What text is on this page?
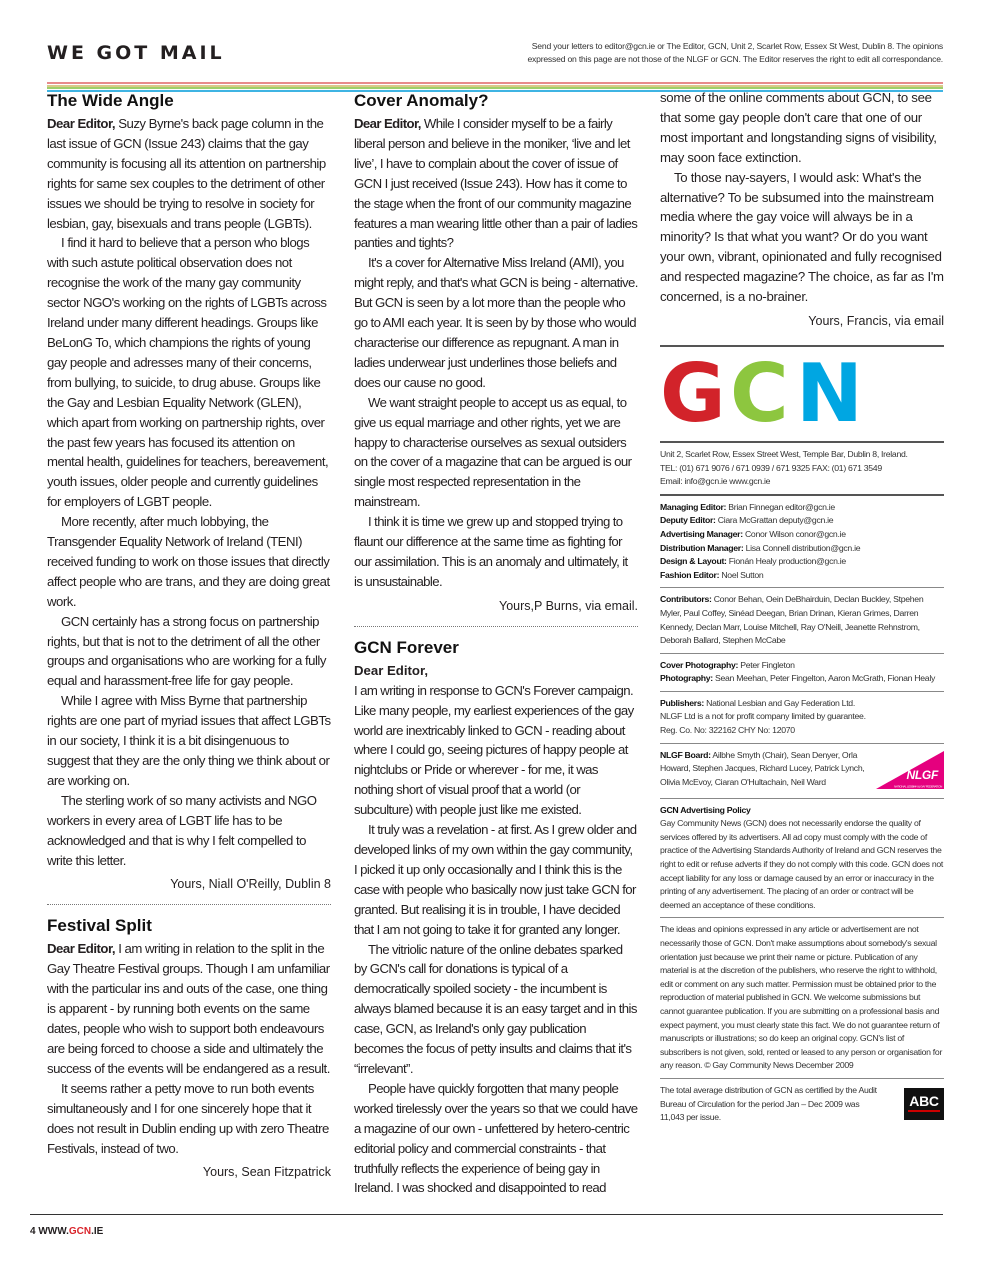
WE GOT MAIL	Send your letters to editor@gcn.ie or The Editor, GCN, Unit 2, Scarlet Row, Essex St West, Dublin 8. The opinions expressed on this page are not those of the NLGF or GCN. The Editor reserves the right to edit all correspondance.
The Wide Angle

Dear Editor, Suzy Byrne's back page column in the last issue of GCN (Issue 243) claims that the gay community is focusing all its attention on partnership rights for same sex couples to the detriment of other issues we should be trying to resolve in society for lesbian, gay, bisexuals and trans people (LGBTs).

I find it hard to believe that a person who blogs with such astute political observation does not recognise the work of the many gay community sector NGO's working on the rights of LGBTs across Ireland under many different headings. Groups like BeLonG To, which champions the rights of young gay people and adresses many of their concerns, from bullying, to suicide, to drug abuse. Groups like the Gay and Lesbian Equality Network (GLEN), which apart from working on partnership rights, over the past few years has focused its attention on mental health, guidelines for teachers, bereavement, youth issues, older people and currently guidelines for employers of LGBT people.

More recently, after much lobbying, the Transgender Equality Network of Ireland (TENI) received funding to work on those issues that directly affect people who are trans, and they are doing great work.

GCN certainly has a strong focus on partnership rights, but that is not to the detriment of all the other groups and organisations who are working for a fully equal and harassment-free life for gay people.

While I agree with Miss Byrne that partnership rights are one part of myriad issues that affect LGBTs in our society, I think it is a bit disingenuous to suggest that they are the only thing we think about or are working on.

The sterling work of so many activists and NGO workers in every area of LGBT life has to be acknowledged and that is why I felt compelled to write this letter.

Yours, Niall O'Reilly, Dublin 8
Festival Split

Dear Editor, I am writing in relation to the split in the Gay Theatre Festival groups. Though I am unfamiliar with the particular ins and outs of the case, one thing is apparent - by running both events on the same dates, people who wish to support both endeavours are being forced to choose a side and ultimately the success of the events will be endangered as a result.

It seems rather a petty move to run both events simultaneously and I for one sincerely hope that it does not result in Dublin ending up with zero Theatre Festivals, instead of two.

Yours, Sean Fitzpatrick
Cover Anomaly?

Dear Editor, While I consider myself to be a fairly liberal person and believe in the moniker, ‘live and let live’, I have to complain about the cover of issue of GCN I just received (Issue 243). How has it come to the stage when the front of our community magazine features a man wearing little other than a pair of ladies panties and tights?

It's a cover for Alternative Miss Ireland (AMI), you might reply, and that's what GCN is being - alternative. But GCN is seen by a lot more than the people who go to AMI each year. It is seen by by those who would characterise our difference as repugnant. A man in ladies underwear just underlines those beliefs and does our cause no good.

We want straight people to accept us as equal, to give us equal marriage and other rights, yet we are happy to characterise ourselves as sexual outsiders on the cover of a magazine that can be argued is our single most respected representation in the mainstream.

I think it is time we grew up and stopped trying to flaunt our difference at the same time as fighting for our assimilation. This is an anomaly and ultimately, it is unsustainable.

Yours,P Burns, via email.
GCN Forever
Dear Editor,

I am writing in response to GCN's Forever campaign. Like many people, my earliest experiences of the gay world are inextricably linked to GCN - reading about where I could go, seeing pictures of happy people at nightclubs or Pride or wherever - for me, it was nothing short of visual proof that a world (or subculture) with people just like me existed.

It truly was a revelation - at first. As I grew older and developed links of my own within the gay community, I picked it up only occasionally and I think this is the case with people who basically now just take GCN for granted. But realising it is in trouble, I have decided that I am not going to take it for granted any longer.

The vitriolic nature of the online debates sparked by GCN's call for donations is typical of a democratically spoiled society - the incumbent is always blamed because it is an easy target and in this case, GCN, as Ireland's only gay publication becomes the focus of petty insults and claims that it's “irrelevant”.

People have quickly forgotten that many people worked tirelessly over the years so that we could have a magazine of our own - unfettered by hetero-centric editorial policy and commercial constraints - that truthfully reflects the experience of being gay in Ireland. I was shocked and disappointed to read

some of the online comments about GCN, to see that some gay people don't care that one of our most important and longstanding signs of visibility, may soon face extinction.

To those nay-sayers, I would ask: What's the alternative? To be subsumed into the mainstream media where the gay voice will always be in a minority? Is that what you want? Or do you want your own, vibrant, opinionated and fully recognised and respected magazine? The choice, as far as I'm concerned, is a no-brainer.

Yours, Francis, via email
G C N
Unit 2, Scarlet Row, Essex Street West, Temple Bar, Dublin 8, Ireland.
TEL: (01) 671 9076 / 671 0939 / 671 9325 FAX: (01) 671 3549
Email: info@gcn.ie www.gcn.ie
Managing Editor: Brian Finnegan editor@gcn.ie
Deputy Editor: Ciara McGrattan deputy@gcn.ie
Advertising Manager: Conor Wilson conor@gcn.ie
Distribution Manager: Lisa Connell distribution@gcn.ie
Design & Layout: Fionán Healy production@gcn.ie
Fashion Editor: Noel Sutton
Contributors: Conor Behan, Oein DeBhairduin, Declan Buckley, Stpehen Myler, Paul Coffey, Sinéad Deegan, Brian Drinan, Kieran Grimes, Darren Kennedy, Declan Marr, Louise Mitchell, Ray O'Neill, Jeanette Rehnstrom, Deborah Ballard, Stephen McCabe
Cover Photography: Peter Fingleton
Photography: Sean Meehan, Peter Fingelton, Aaron McGrath, Fionan Healy
Publishers: National Lesbian and Gay Federation Ltd.
NLGF Ltd is a not for profit company limited by guarantee.
Reg. Co. No: 322162 CHY No: 12070
NLGF Board: Ailbhe Smyth (Chair), Sean Denyer, Orla Howard, Stephen Jacques, Richard Lucey, Patrick Lynch, Olivia McEvoy, Ciaran O'Hultachain, Neil Ward
NLGF
NATIONAL LESBIAN & GAY FEDERATION
GCN Advertising Policy
Gay Community News (GCN) does not necessarily endorse the quality of services offered by its advertisers. All ad copy must comply with the code of practice of the Advertising Standards Authority of Ireland and GCN reserves the right to edit or refuse adverts if they do not comply with this code. GCN does not accept liability for any loss or damage caused by an error or inaccuracy in the printing of any advertisement. The placing of an order or contract will be deemed an acceptance of these conditions.
The ideas and opinions expressed in any article or advertisement are not necessarily those of GCN. Don't make assumptions about somebody's sexual orientation just because we print their name or picture. Publication of any material is at the discretion of the publishers, who reserve the right to withhold, edit or comment on any such matter. Permission must be obtained prior to the reproduction of material published in GCN. We welcome submissions but cannot guarantee publication. If you are submitting on a professional basis and expect payment, you must clearly state this fact. We do not guarantee return of manuscripts or illustrations; so do keep an original copy. GCN's list of subscribers is not given, sold, rented or leased to any person or organisation for any reason. © Gay Community News December 2009
The total average distribution of GCN as certified by the Audit Bureau of Circulation for the period Jan – Dec 2009 was 11,043 per issue.
ABC
4 WWW.GCN.IE
